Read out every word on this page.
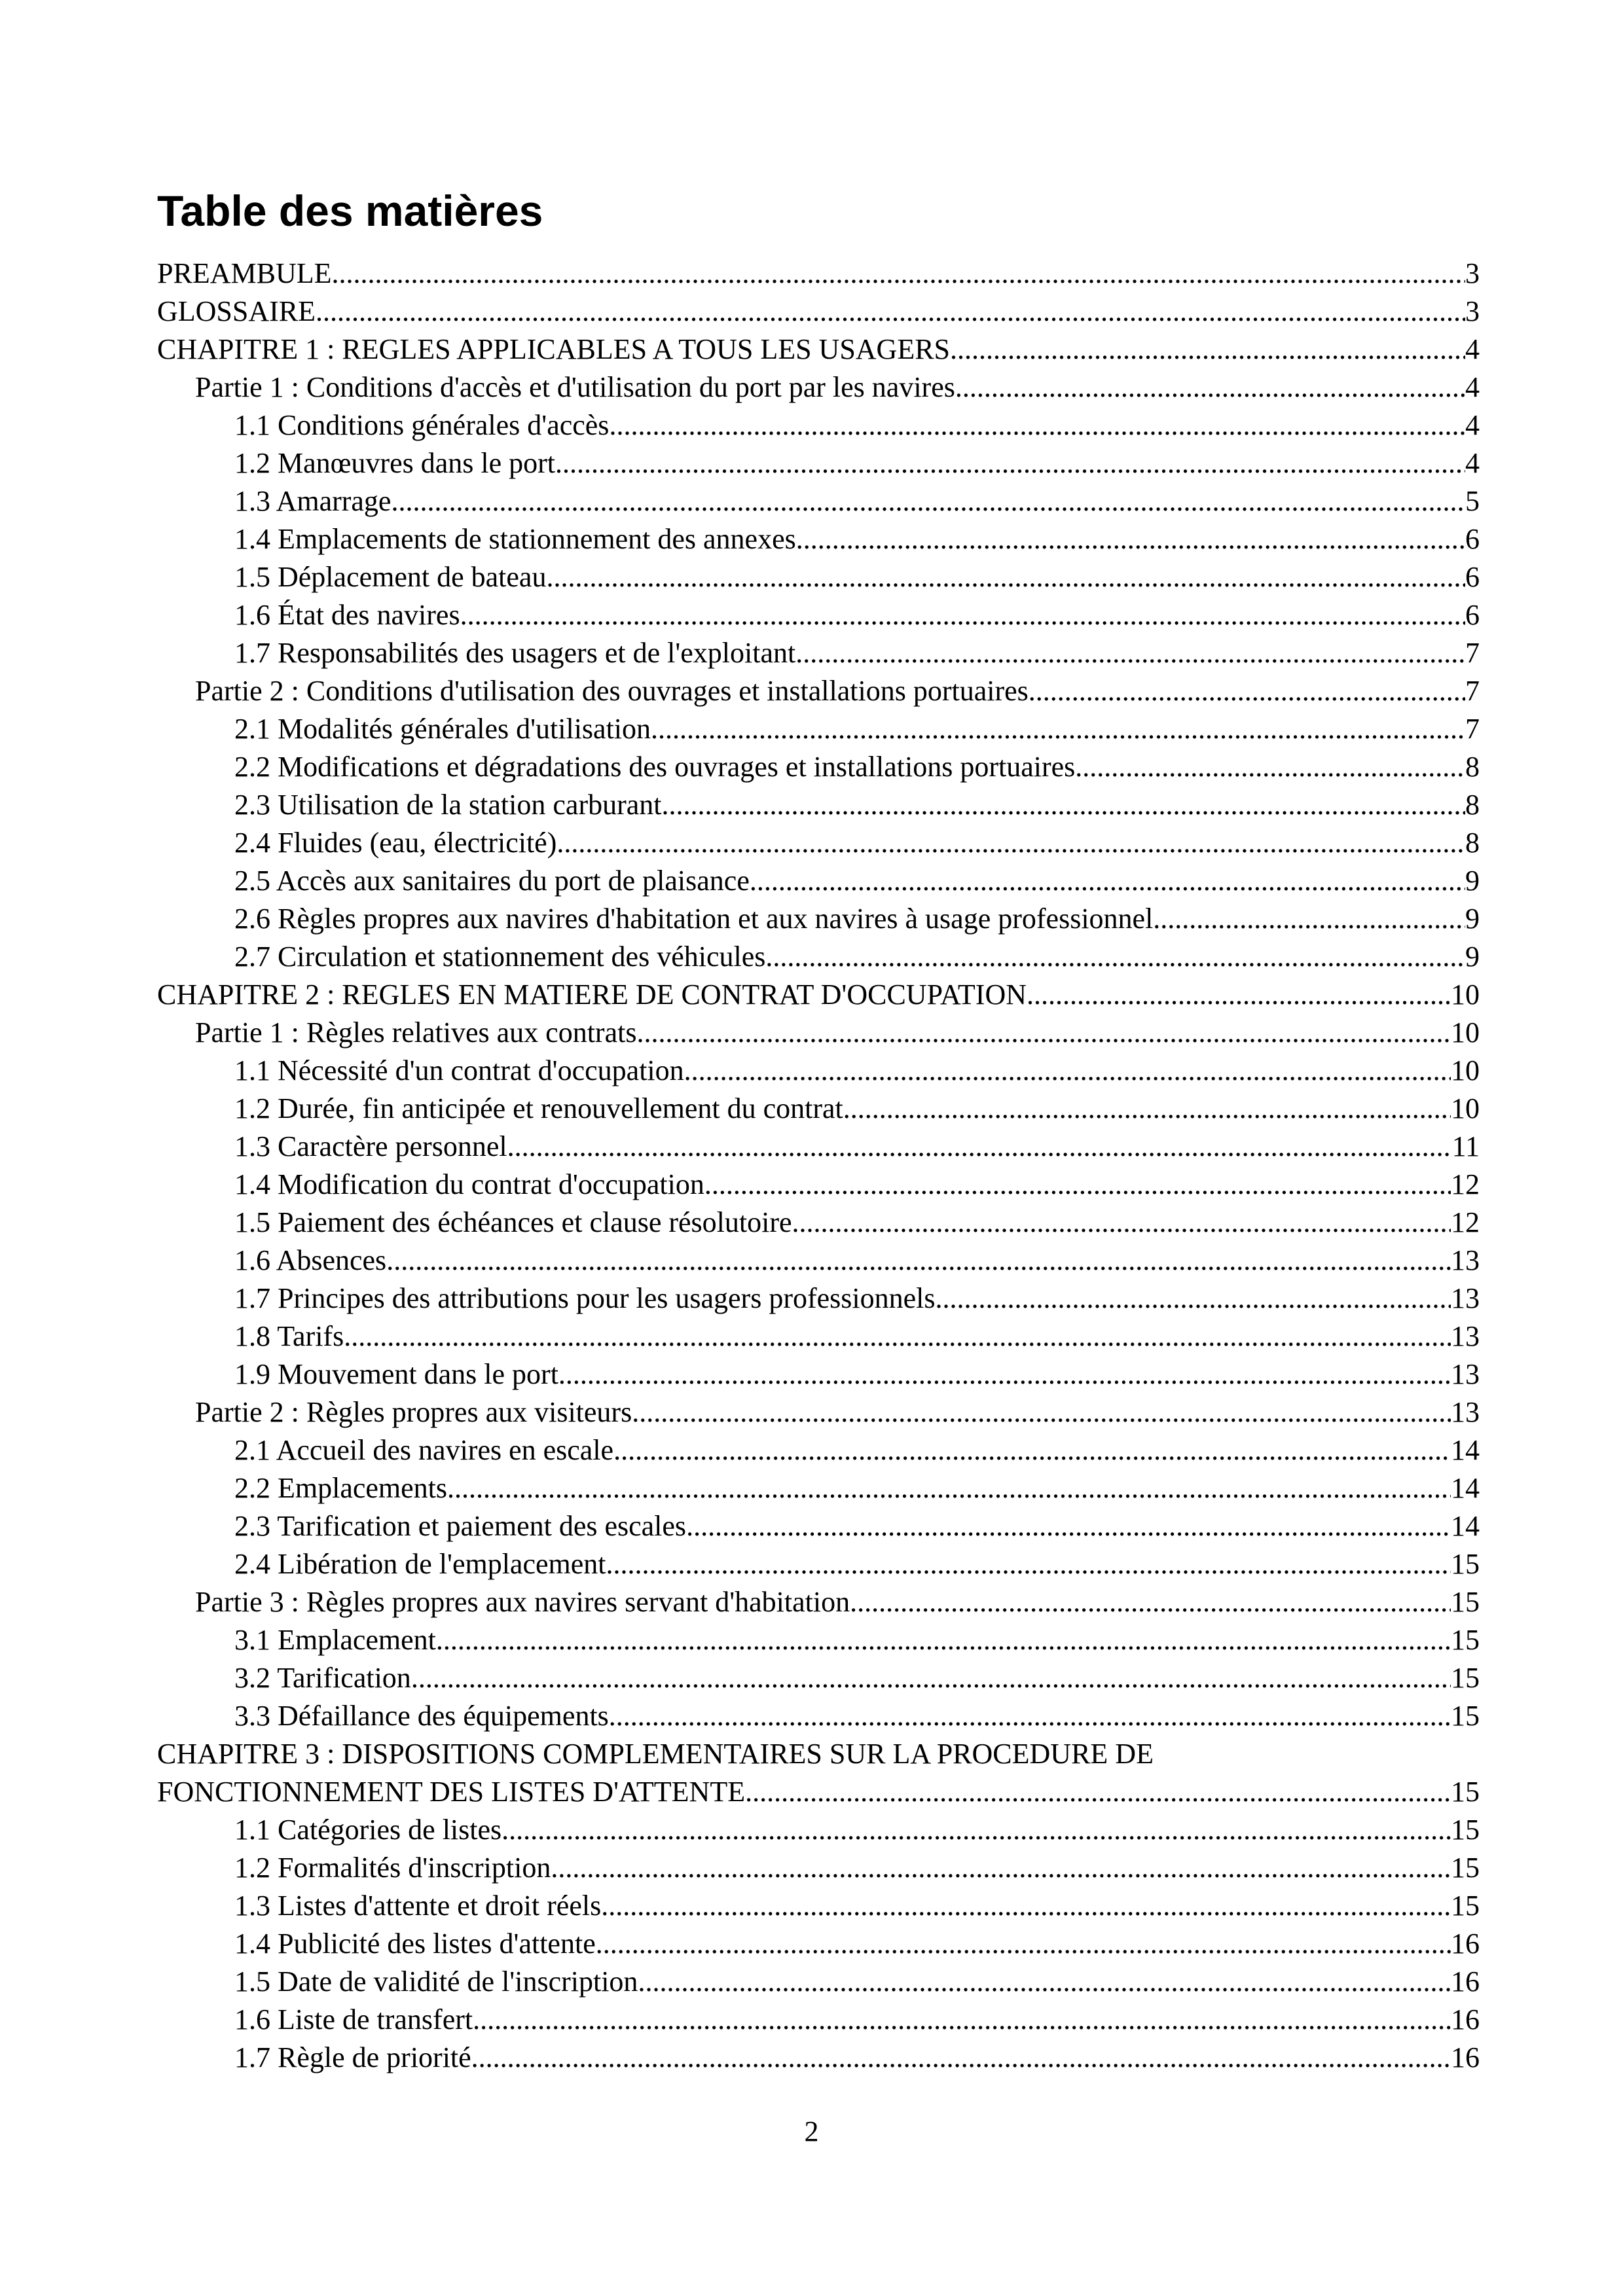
Table des matières
PREAMBULE .....	3
GLOSSAIRE .....	3
CHAPITRE 1 : REGLES APPLICABLES A TOUS LES USAGERS .....	4
Partie 1 : Conditions d'accès et d'utilisation du port par les navires .....	4
1.1 Conditions générales d'accès .....	4
1.2 Manœuvres dans le port .....	4
1.3 Amarrage .....	5
1.4 Emplacements de stationnement des annexes .....	6
1.5 Déplacement de bateau .....	6
1.6 État des navires .....	6
1.7 Responsabilités des usagers et de l'exploitant .....	7
Partie 2 : Conditions d'utilisation des ouvrages et installations portuaires .....	7
2.1 Modalités générales d'utilisation .....	7
2.2 Modifications et dégradations des ouvrages et installations portuaires .....	8
2.3 Utilisation de la station carburant .....	8
2.4 Fluides (eau, électricité) .....	8
2.5 Accès aux sanitaires du port de plaisance .....	9
2.6 Règles propres aux navires d'habitation et aux navires à usage professionnel .....	9
2.7 Circulation et stationnement des véhicules .....	9
CHAPITRE 2 : REGLES EN MATIERE DE CONTRAT D'OCCUPATION .....	10
Partie 1 : Règles relatives aux contrats .....	10
1.1 Nécessité d'un contrat d'occupation .....	10
1.2 Durée, fin anticipée et renouvellement du contrat .....	10
1.3 Caractère personnel .....	11
1.4 Modification du contrat d'occupation .....	12
1.5 Paiement des échéances et clause résolutoire .....	12
1.6 Absences .....	13
1.7 Principes des attributions pour les usagers professionnels .....	13
1.8 Tarifs .....	13
1.9 Mouvement dans le port .....	13
Partie 2 : Règles propres aux visiteurs .....	13
2.1 Accueil des navires en escale .....	14
2.2 Emplacements .....	14
2.3 Tarification et paiement des escales .....	14
2.4 Libération de l'emplacement .....	15
Partie 3 : Règles propres aux navires servant d'habitation .....	15
3.1 Emplacement .....	15
3.2 Tarification .....	15
3.3 Défaillance des équipements .....	15
CHAPITRE 3 : DISPOSITIONS COMPLEMENTAIRES SUR LA PROCEDURE DE
FONCTIONNEMENT DES LISTES D'ATTENTE .....	15
1.1 Catégories de listes .....	15
1.2 Formalités d'inscription .....	15
1.3 Listes d'attente et droit réels .....	15
1.4 Publicité des listes d'attente .....	16
1.5 Date de validité de l'inscription .....	16
1.6 Liste de transfert .....	16
1.7 Règle de priorité .....	16
2
